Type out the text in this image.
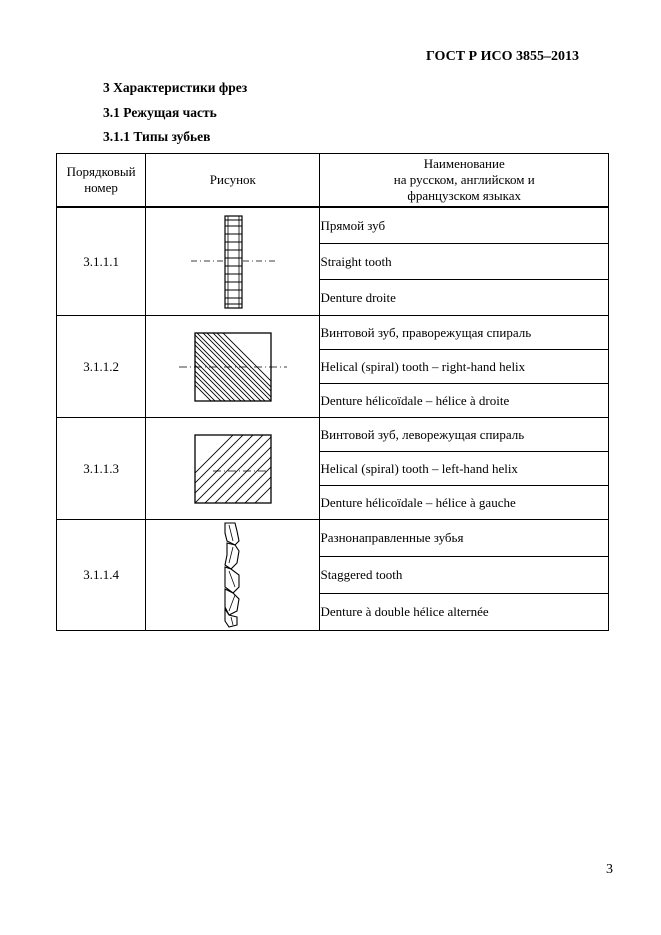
ГОСТ Р ИСО 3855–2013
3 Характеристики фрез
3.1 Режущая часть
3.1.1 Типы зубьев
Порядковый номер	Рисунок	Наименование
на русском, английском и
французском языках

3.1.1.1		Прямой зуб
		Straight tooth
		Denture droite
3.1.1.2		Винтовой зуб, праворежущая спираль
		Helical (spiral) tooth – right-hand helix
		Denture hélicoïdale – hélice à droite
3.1.1.3		Винтовой зуб, леворежущая спираль
		Helical (spiral) tooth – left-hand helix
		Denture hélicoïdale – hélice à gauche
3.1.1.4		Разнонаправленные зубья
		Staggered tooth
		Denture à double hélice alternée
3
